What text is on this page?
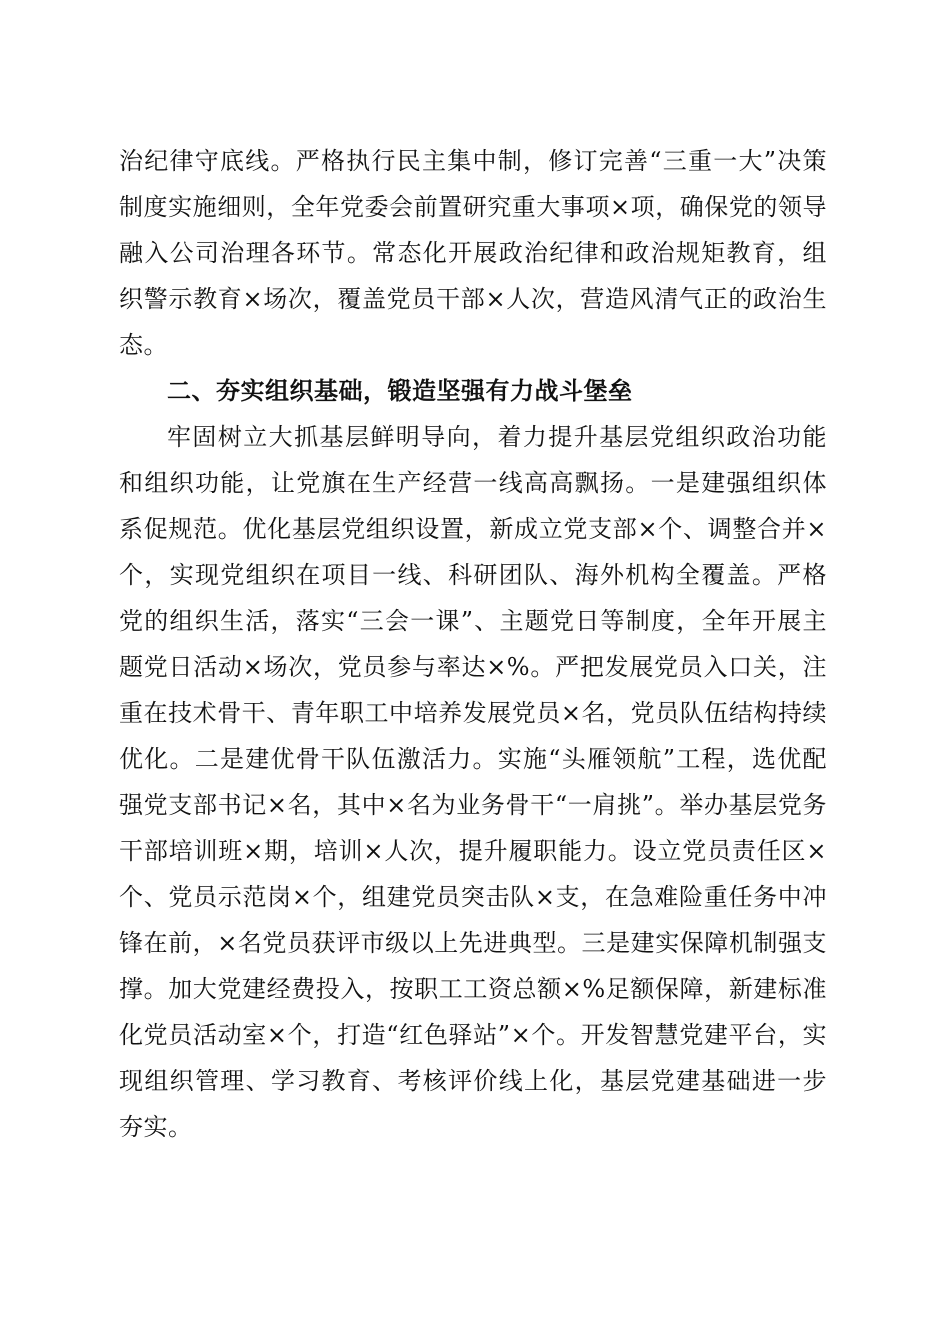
治纪律守底线。严格执行民主集中制，修订完善“三重一大”决策制度实施细则，全年党委会前置研究重大事项×项，确保党的领导融入公司治理各环节。常态化开展政治纪律和政治规矩教育，组织警示教育×场次，覆盖党员干部×人次，营造风清气正的政治生态。

二、夯实组织基础，锻造坚强有力战斗堡垒

牢固树立大抓基层鲜明导向，着力提升基层党组织政治功能和组织功能，让党旗在生产经营一线高高飘扬。一是建强组织体系促规范。优化基层党组织设置，新成立党支部×个、调整合并×个，实现党组织在项目一线、科研团队、海外机构全覆盖。严格党的组织生活，落实“三会一课”、主题党日等制度，全年开展主题党日活动×场次，党员参与率达×%。严把发展党员入口关，注重在技术骨干、青年职工中培养发展党员×名，党员队伍结构持续优化。二是建优骨干队伍激活力。实施“头雁领航”工程，选优配强党支部书记×名，其中×名为业务骨干“一肩挑”。举办基层党务干部培训班×期，培训×人次，提升履职能力。设立党员责任区×个、党员示范岗×个，组建党员突击队×支，在急难险重任务中冲锋在前，×名党员获评市级以上先进典型。三是建实保障机制强支撑。加大党建经费投入，按职工工资总额×%足额保障，新建标准化党员活动室×个，打造“红色驿站”×个。开发智慧党建平台，实现组织管理、学习教育、考核评价线上化，基层党建基础进一步夯实。
